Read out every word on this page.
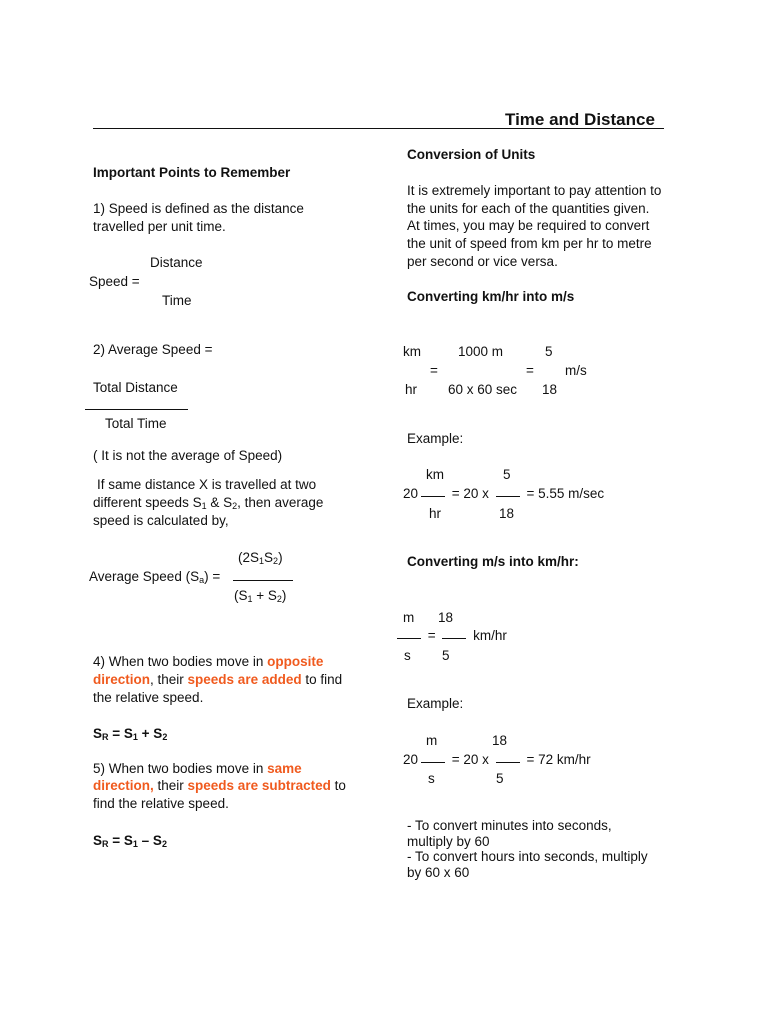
Time and Distance
Important Points to Remember
1) Speed is defined as the distance
travelled per unit time.
Distance
Speed =
Time
2) Average Speed =
Total Distance
Total Time
( It is not the average of Speed)
If same distance X is travelled at two
different speeds $S_1$ & $S_2$, then average
speed is calculated by,
$(2S_1S_2)$
Average Speed $(S_a)$ =
$(S_1 + S_2)$
4) When two bodies move in opposite
direction, their speeds are added to find
the relative speed.
$S_R = S_1 + S_2$
5) When two bodies move in same
direction, their speeds are subtracted to
find the relative speed.
$S_R = S_1 - S_2$
Conversion of Units
It is extremely important to pay attention to
the units for each of the quantities given.
At times, you may be required to convert
the unit of speed from km per hr to metre
per second or vice versa.
Converting km/hr into m/s
km	1000 m	5
=	= m/s
hr 60 x 60 sec 18
Example:
km	5
20 = 20 x  = 5.55 m/sec
hr	18
Converting m/s into km/hr:
m 18
=  km/hr
s 5
Example:
m	18
20 = 20 x  = 72 km/hr
s	5
- To convert minutes into seconds,
multiply by 60
- To convert hours into seconds, multiply
by 60 x 60
